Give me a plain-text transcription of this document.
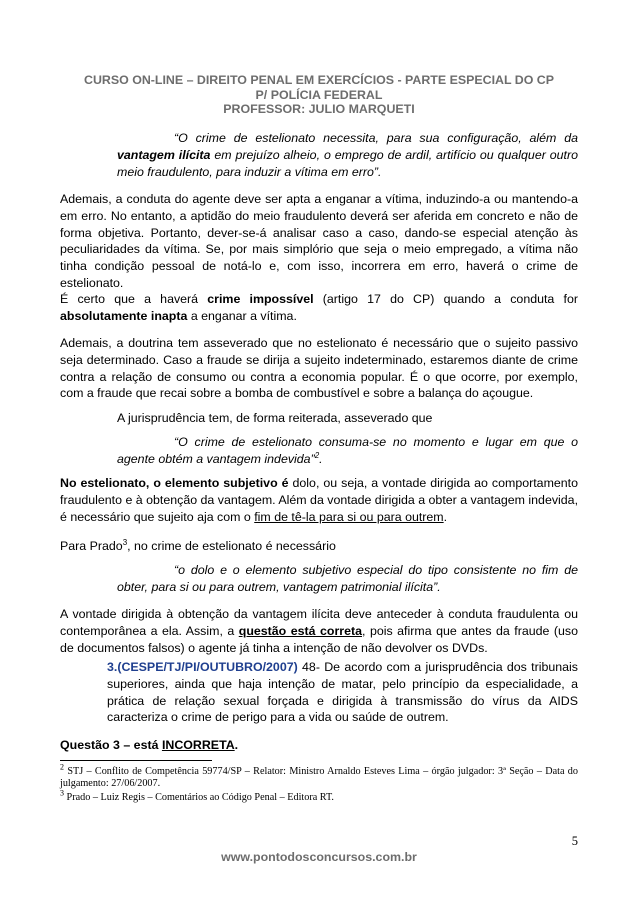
CURSO ON-LINE – DIREITO PENAL EM EXERCÍCIOS - PARTE ESPECIAL DO CP
P/ POLÍCIA FEDERAL
PROFESSOR: JULIO MARQUETI
“O crime de estelionato necessita, para sua configuração, além da vantagem ilícita em prejuízo alheio, o emprego de ardil, artifício ou qualquer outro meio fraudulento, para induzir a vítima em erro”.
Ademais, a conduta do agente deve ser apta a enganar a vítima, induzindo-a ou mantendo-a em erro. No entanto, a aptidão do meio fraudulento deverá ser aferida em concreto e não de forma objetiva. Portanto, dever-se-á analisar caso a caso, dando-se especial atenção às peculiaridades da vítima. Se, por mais simplório que seja o meio empregado, a vítima não tinha condição pessoal de notá-lo e, com isso, incorrera em erro, haverá o crime de estelionato.
É certo que a haverá crime impossível (artigo 17 do CP) quando a conduta for absolutamente inapta a enganar a vítima.
Ademais, a doutrina tem asseverado que no estelionato é necessário que o sujeito passivo seja determinado. Caso a fraude se dirija a sujeito indeterminado, estaremos diante de crime contra a relação de consumo ou contra a economia popular. É o que ocorre, por exemplo, com a fraude que recai sobre a bomba de combustível e sobre a balança do açougue.
A jurisprudência tem, de forma reiterada, asseverado que
“O crime de estelionato consuma-se no momento e lugar em que o agente obtém a vantagem indevida”$^2$.
No estelionato, o elemento subjetivo é dolo, ou seja, a vontade dirigida ao comportamento fraudulento e à obtenção da vantagem. Além da vontade dirigida a obter a vantagem indevida, é necessário que sujeito aja com o fim de tê-la para si ou para outrem.
Para Prado$^3$, no crime de estelionato é necessário
“o dolo e o elemento subjetivo especial do tipo consistente no fim de obter, para si ou para outrem, vantagem patrimonial ilícita”.
A vontade dirigida à obtenção da vantagem ilícita deve anteceder à conduta fraudulenta ou contemporânea a ela. Assim, a questão está correta, pois afirma que antes da fraude (uso de documentos falsos) o agente já tinha a intenção de não devolver os DVDs.
3.(CESPE/TJ/PI/OUTUBRO/2007) 48- De acordo com a jurisprudência dos tribunais superiores, ainda que haja intenção de matar, pelo princípio da especialidade, a prática de relação sexual forçada e dirigida à transmissão do vírus da AIDS caracteriza o crime de perigo para a vida ou saúde de outrem.
Questão 3 – está INCORRETA.
$^2$ STJ – Conflito de Competência 59774/SP – Relator: Ministro Arnaldo Esteves Lima – órgão julgador: 3ª Seção – Data do julgamento: 27/06/2007.
$^3$ Prado – Luiz Regis – Comentários ao Código Penal – Editora RT.
5
www.pontodosconcursos.com.br
